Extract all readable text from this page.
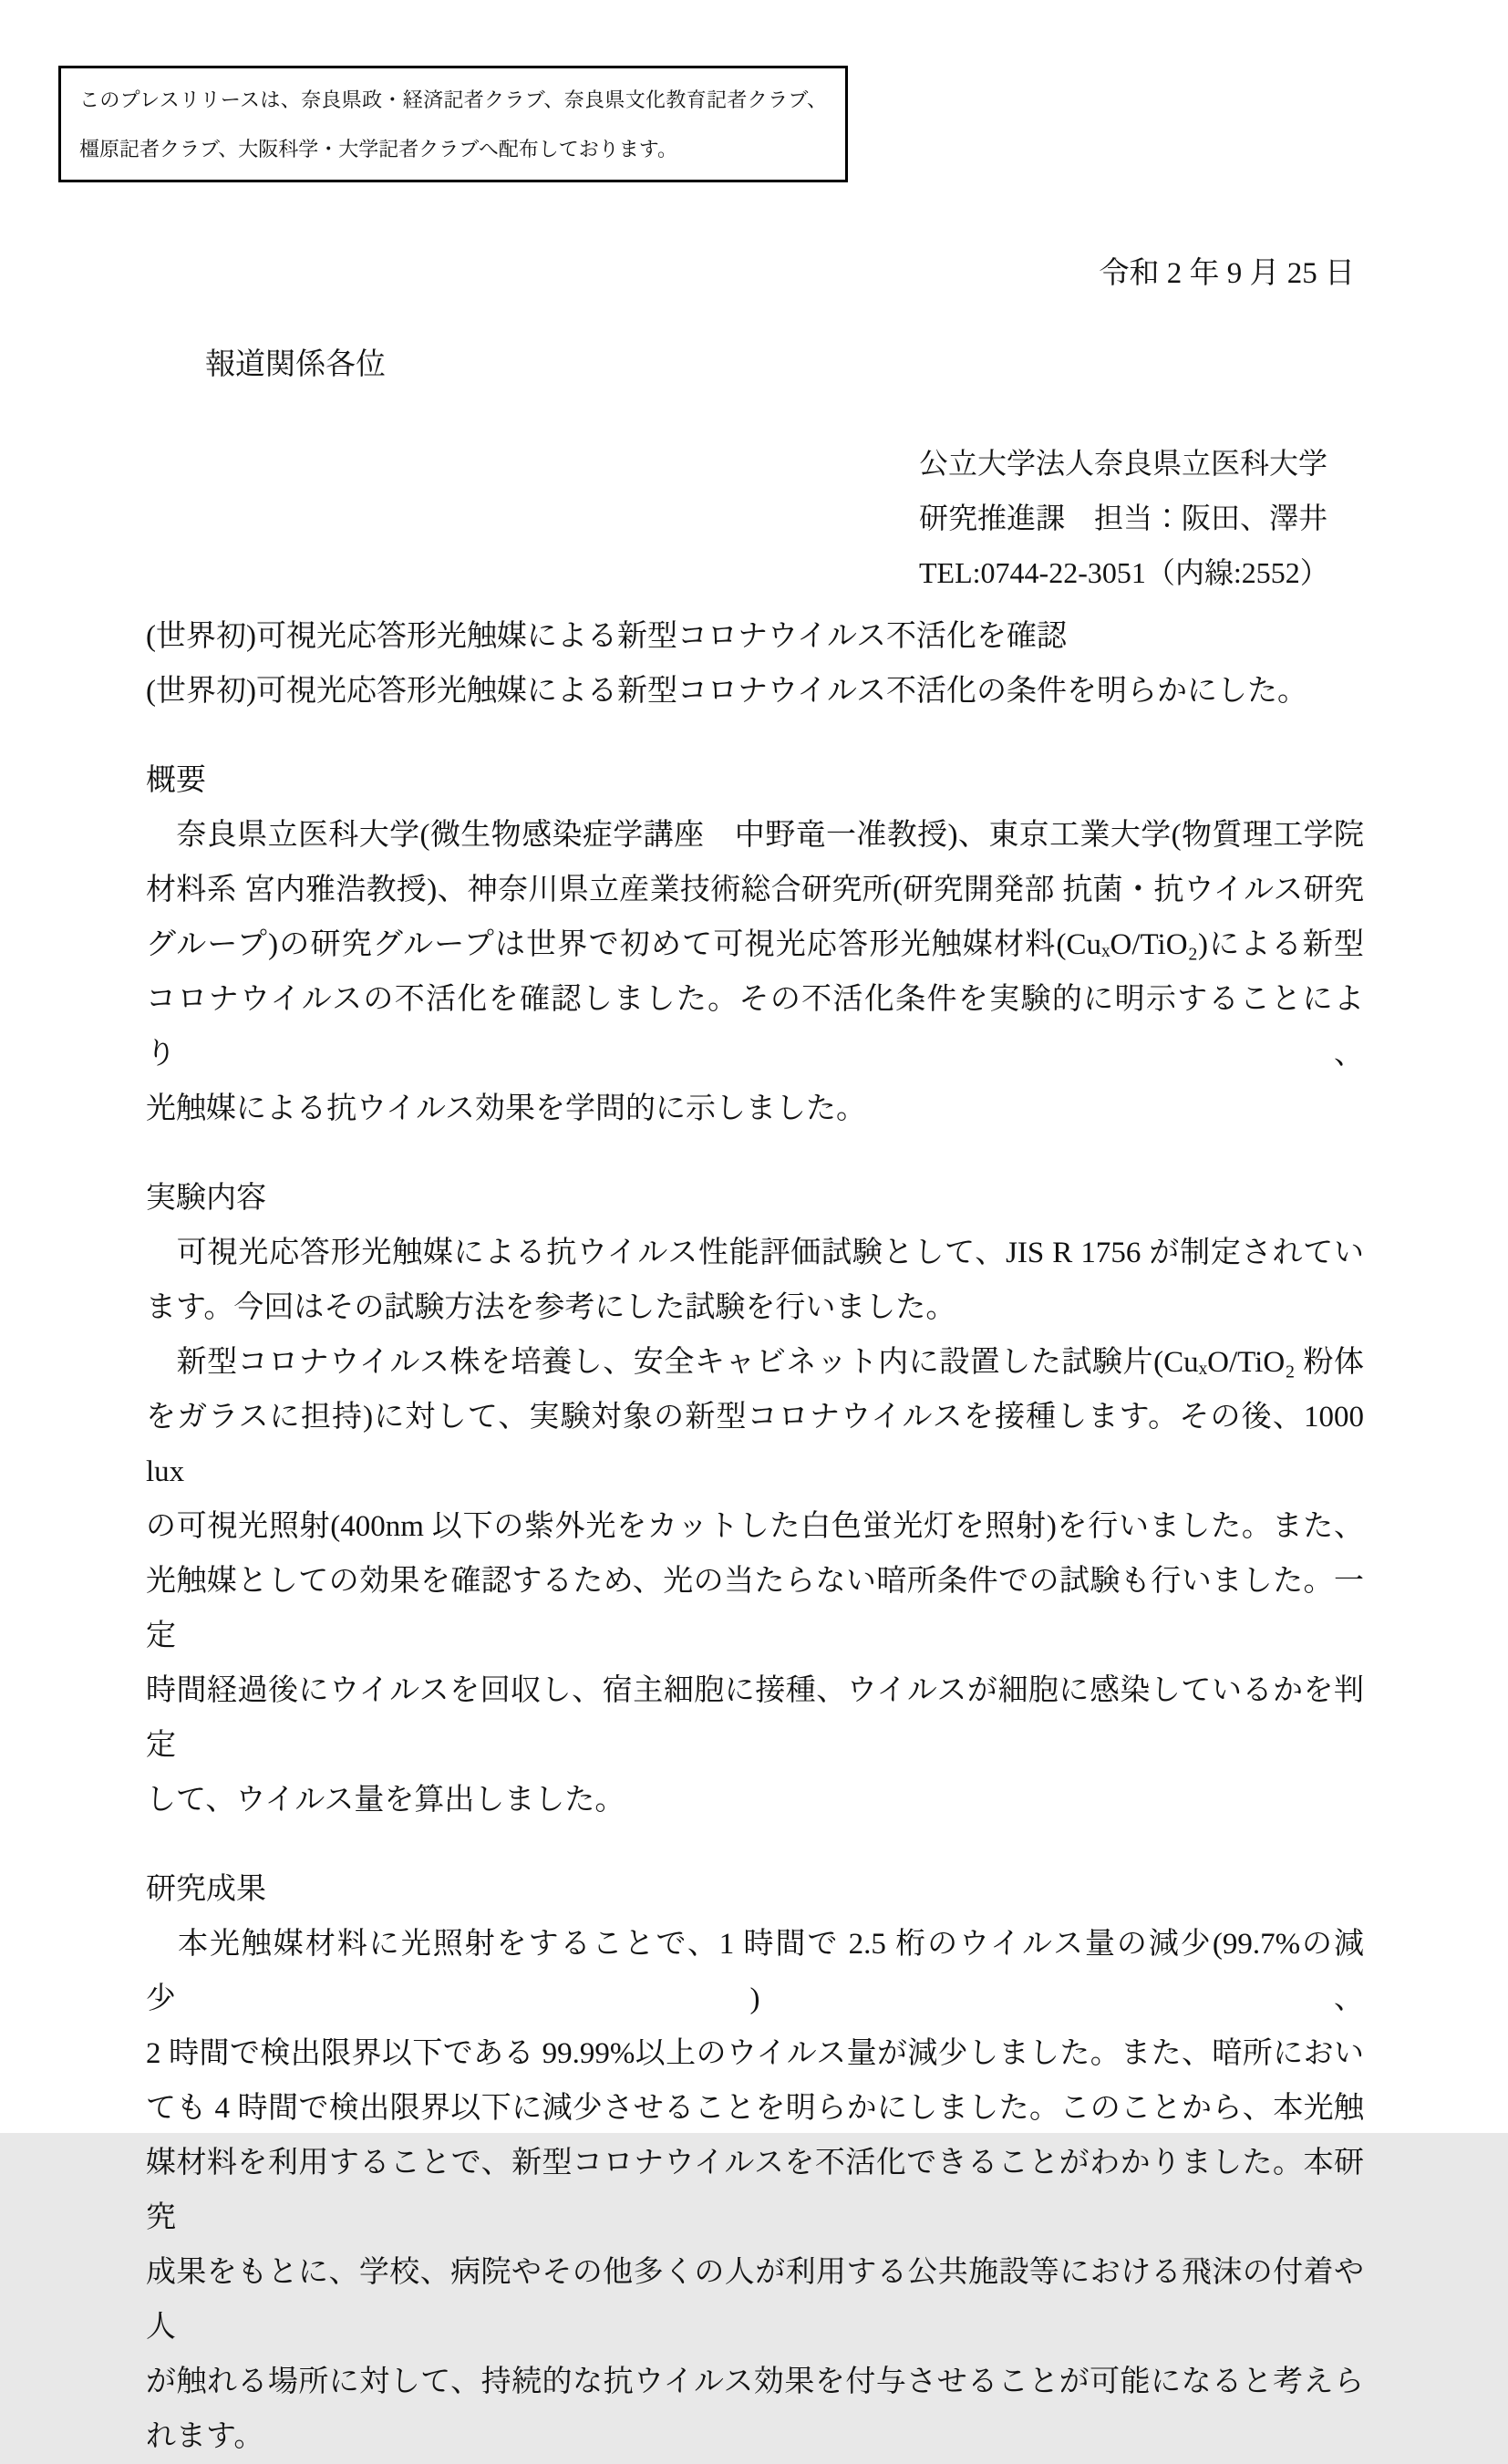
このプレスリリースは、奈良県政・経済記者クラブ、奈良県文化教育記者クラブ、
橿原記者クラブ、大阪科学・大学記者クラブへ配布しております。
令和 2 年 9 月 25 日
報道関係各位
公立大学法人奈良県立医科大学
研究推進課　担当：阪田、澤井
TEL:0744-22-3051（内線:2552）
(世界初)可視光応答形光触媒による新型コロナウイルス不活化を確認
(世界初)可視光応答形光触媒による新型コロナウイルス不活化の条件を明らかにした。
概要
　奈良県立医科大学(微生物感染症学講座　中野竜一准教授)、東京工業大学(物質理工学院
材料系 宮内雅浩教授)、神奈川県立産業技術総合研究所(研究開発部 抗菌・抗ウイルス研究
グループ)の研究グループは世界で初めて可視光応答形光触媒材料(CuₓO/TiO₂)による新型
コロナウイルスの不活化を確認しました。その不活化条件を実験的に明示することにより、
光触媒による抗ウイルス効果を学問的に示しました。
実験内容
　可視光応答形光触媒による抗ウイルス性能評価試験として、JIS R 1756 が制定されてい
ます。今回はその試験方法を参考にした試験を行いました。
　新型コロナウイルス株を培養し、安全キャビネット内に設置した試験片(CuₓO/TiO₂ 粉体
をガラスに担持)に対して、実験対象の新型コロナウイルスを接種します。その後、1000 lux
の可視光照射(400nm 以下の紫外光をカットした白色蛍光灯を照射)を行いました。また、
光触媒としての効果を確認するため、光の当たらない暗所条件での試験も行いました。一定
時間経過後にウイルスを回収し、宿主細胞に接種、ウイルスが細胞に感染しているかを判定
して、ウイルス量を算出しました。
研究成果
　本光触媒材料に光照射をすることで、1 時間で 2.5 桁のウイルス量の減少(99.7%の減少)、
2 時間で検出限界以下である 99.99%以上のウイルス量が減少しました。また、暗所におい
ても 4 時間で検出限界以下に減少させることを明らかにしました。このことから、本光触
媒材料を利用することで、新型コロナウイルスを不活化できることがわかりました。本研究
成果をもとに、学校、病院やその他多くの人が利用する公共施設等における飛沫の付着や人
が触れる場所に対して、持続的な抗ウイルス効果を付与させることが可能になると考えら
れます。
